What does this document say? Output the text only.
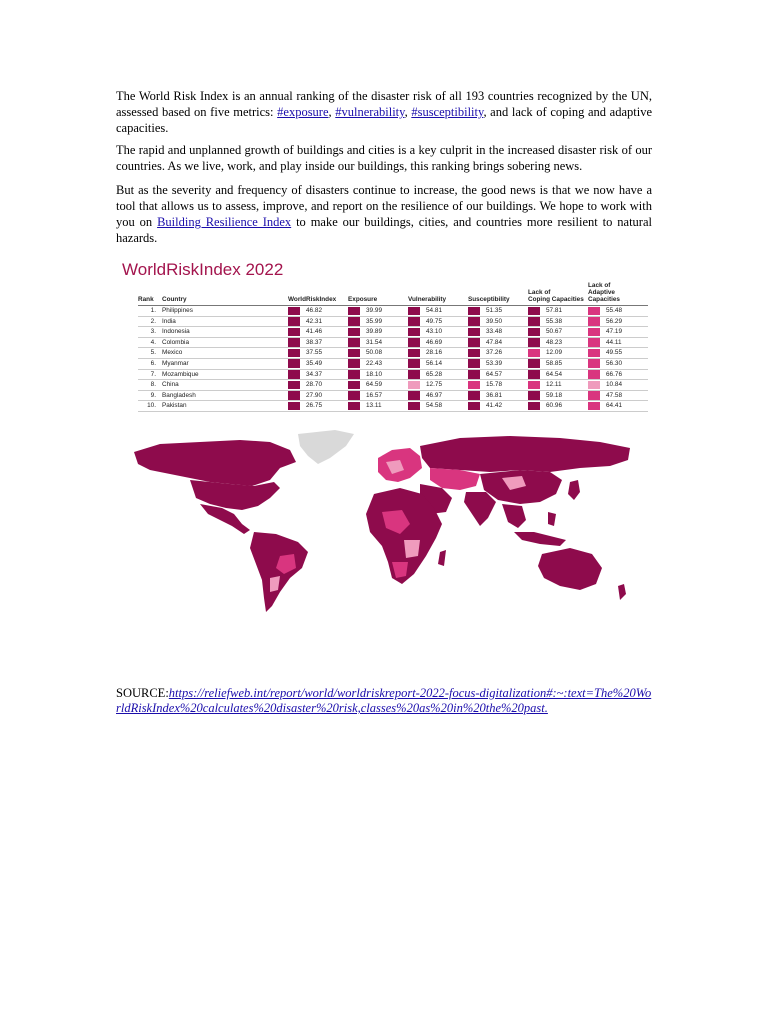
The World Risk Index is an annual ranking of the disaster risk of all 193 countries recognized by the UN, assessed based on five metrics: #exposure, #vulnerability, #susceptibility, and lack of coping and adaptive capacities.

The rapid and unplanned growth of buildings and cities is a key culprit in the increased disaster risk of our countries. As we live, work, and play inside our buildings, this ranking brings sobering news.

But as the severity and frequency of disasters continue to increase, the good news is that we now have a tool that allows us to assess, improve, and report on the resilience of our buildings. We hope to work with you on Building Resilience Index to make our buildings, cities, and countries more resilient to natural hazards.

WorldRiskIndex 2022
Rank	Country	WorldRiskIndex	Exposure	Vulnerability	Susceptibility	Lack of
Coping Capacities	Lack of
Adaptive Capacities
1.	Philippines	46.82	39.99	54.81	51.35	57.81	55.48

2.	India	42.31	35.99	49.75	39.50	55.38	56.29

3.	Indonesia	41.46	39.89	43.10	33.48	50.67	47.19

4.	Colombia	38.37	31.54	46.69	47.84	48.23	44.11

5.	Mexico	37.55	50.08	28.16	37.26	12.09	49.55

6.	Myanmar	35.49	22.43	56.14	53.39	58.85	56.30

7.	Mozambique	34.37	18.10	65.28	64.57	64.54	66.76

8.	China	28.70	64.59	12.75	15.78	12.11	10.84

9.	Bangladesh	27.90	16.57	46.97	36.81	59.18	47.58

10.	Pakistan	26.75	13.11	54.58	41.42	60.96	64.41

SOURCE:https://reliefweb.int/report/world/worldriskreport-2022-focus-digitalization#:~:text=The%20WorldRiskIndex%20calculates%20disaster%20risk,classes%20as%20in%20the%20past.
